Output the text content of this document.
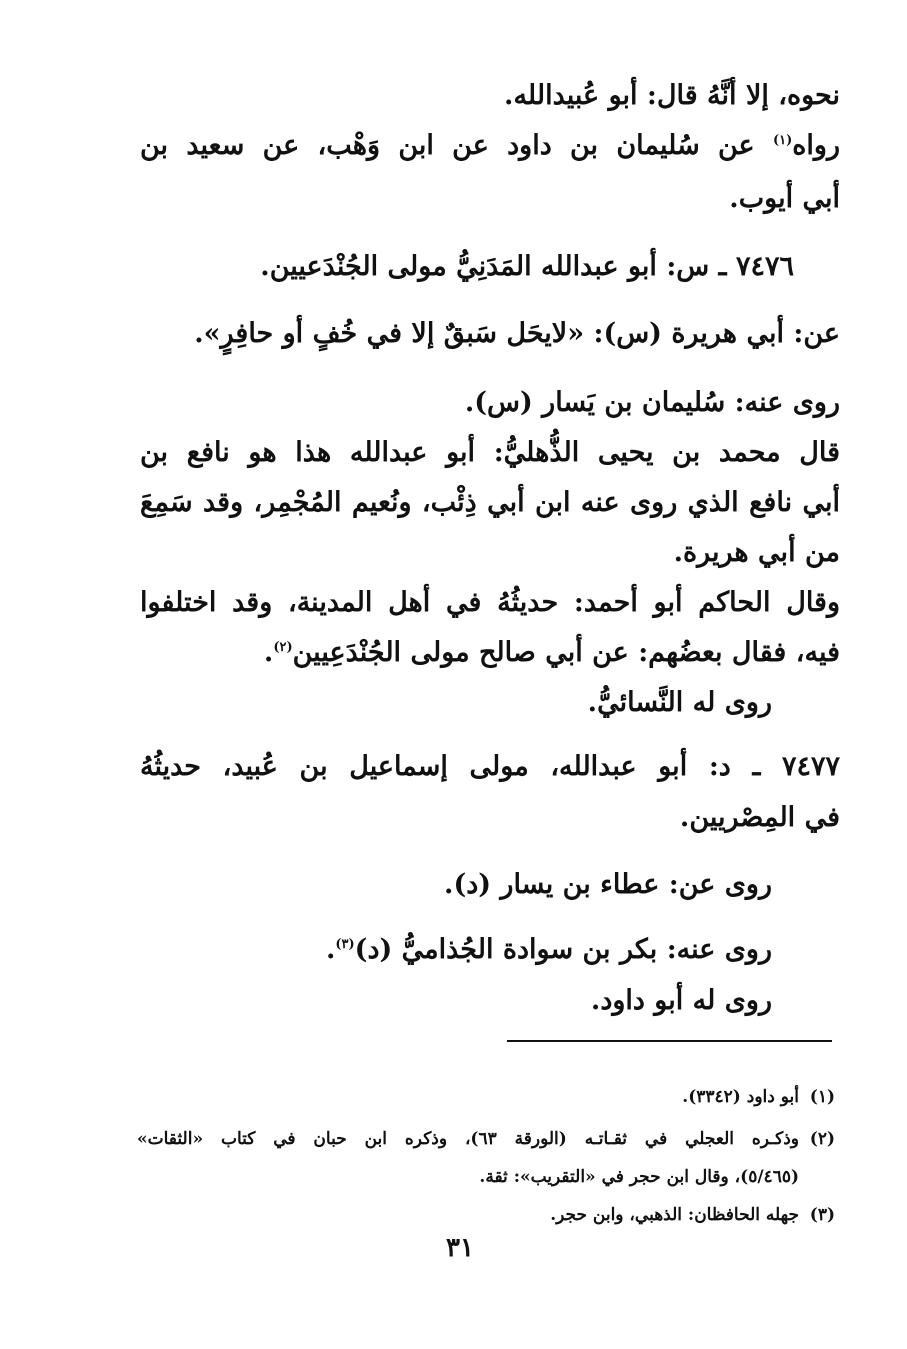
نحوه، إلا أنَّهُ قال: أبو عُبيدالله.
رواه$^{(١)}$ عن سُليمان بن داود عن ابن وَهْب، عن سعيد بن
أبي أيوب.
٧٤٧٦ ـ س: أبو عبدالله المَدَنِيُّ مولى الجُنْدَعيين.
عن: أبي هريرة (س): «لايحَل سَبقٌ إلا في خُفٍ أو حافِرٍ».
روى عنه: سُليمان بن يَسار (س).
قال محمد بن يحيى الذُّهليُّ: أبو عبدالله هذا هو نافع بن
أبي نافع الذي روى عنه ابن أبي ذِئْب، ونُعيم المُجْمِر، وقد سَمِعَ
من أبي هريرة.
وقال الحاكم أبو أحمد: حديثُهُ في أهل المدينة، وقد اختلفوا
فيه، فقال بعضُهم: عن أبي صالح مولى الجُنْدَعِيين$^{(٢)}$.
روى له النَّسائيُّ.
٧٤٧٧ ـ د: أبو عبدالله، مولى إسماعيل بن عُبيد، حديثُهُ
في المِصْريين.
روى عن: عطاء بن يسار (د).
روى عنه: بكر بن سوادة الجُذاميُّ (د)$^{(٣)}$.
روى له أبو داود.
(١)
أبو داود (٣٣٤٢).
(٢)
وذكـره العجلي في ثقـاتـه (الورقة ٦٣)، وذكره ابن حبان في كتاب «الثقات»
(٥/٤٦٥)، وقال ابن حجر في «التقريب»: ثقة.
(٣)
جهله الحافظان: الذهبي، وابن حجر.
٣١
